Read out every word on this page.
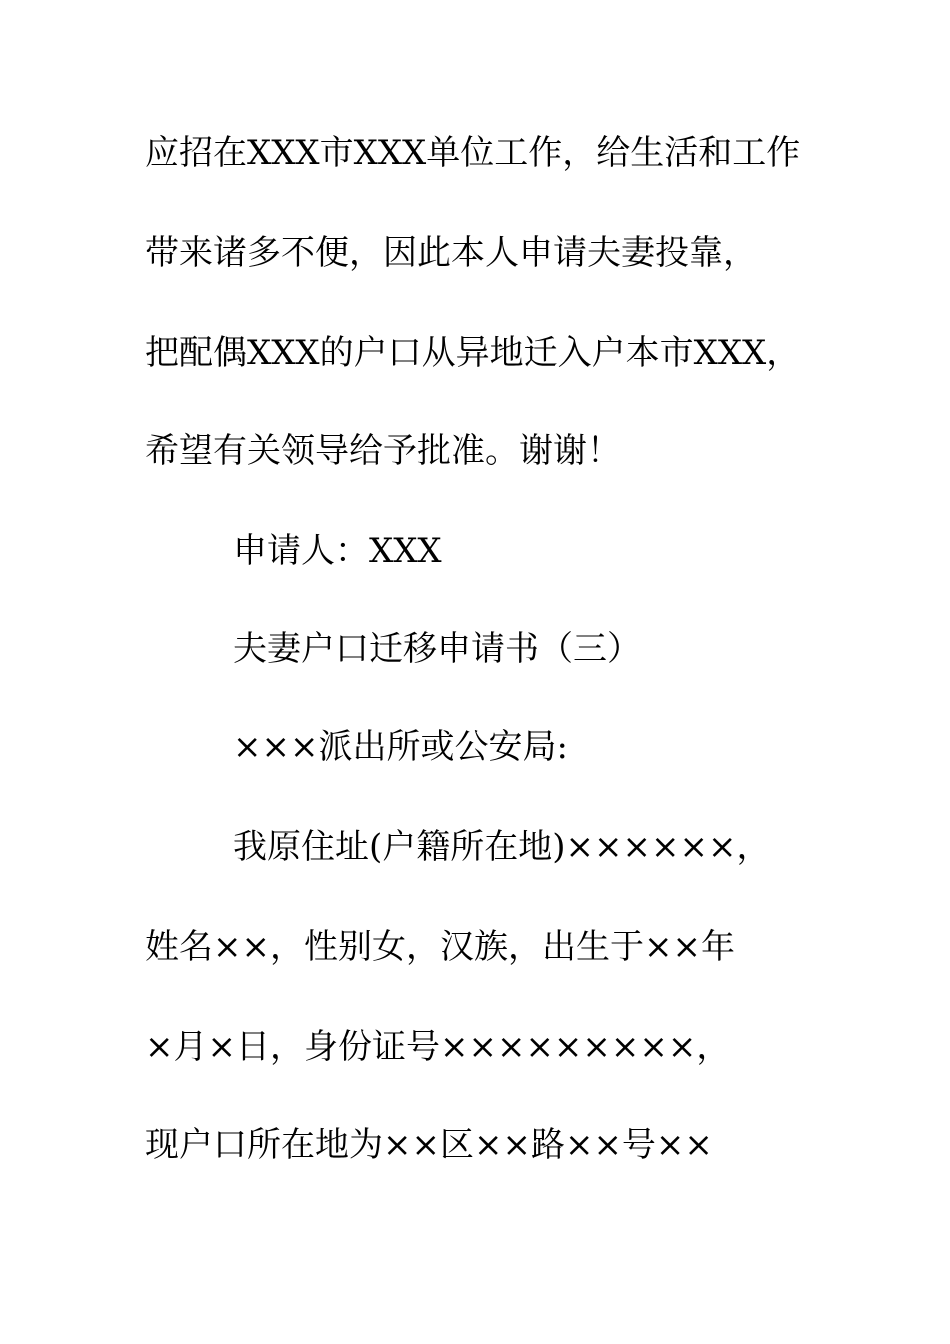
应招在XXX市XXX单位工作，给生活和工作
带来诸多不便，因此本人申请夫妻投靠，
把配偶XXX的户口从异地迁入户本市XXX，
希望有关领导给予批准。谢谢！
申请人：XXX
夫妻户口迁移申请书（三）
×××派出所或公安局:
我原住址(户籍所在地)××××××，
姓名××，性别女，汉族，出生于××年
×月×日，身份证号×××××××××，
现户口所在地为××区××路××号××
